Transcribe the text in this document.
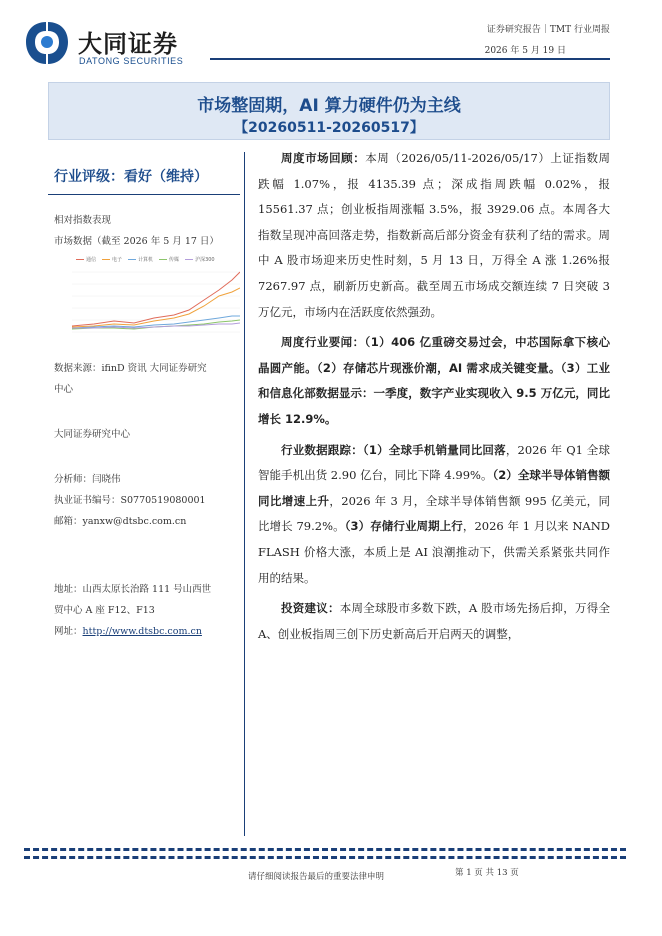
大同证券
DATONG SECURITIES
证券研究报告｜TMT 行业周报
2026 年 5 月 19 日
市场整固期，AI 算力硬件仍为主线
【20260511-20260517】
行业评级：看好（维持）
相对指数表现
市场数据（截至 2026 年 5 月 17 日）
通信	电子	计算机	传媒	沪深300
数据来源：ifinD 资讯 大同证券研究
中心
大同证券研究中心
分析师：闫晓伟
执业证书编号：S0770519080001
邮箱：yanxw@dtsbc.com.cn
地址：山西太原长治路 111 号山西世
贸中心 A 座 F12、F13
网址：http://www.dtsbc.com.cn

周度市场回顾：本周（2026/05/11-2026/05/17）上证指数周跌幅 1.07%，报 4135.39 点；深成指周跌幅 0.02%，报 15561.37 点；创业板指周涨幅 3.5%，报 3929.06 点。本周各大指数呈现冲高回落走势，指数新高后部分资金有获利了结的需求。周中 A 股市场迎来历史性时刻，5 月 13 日，万得全 A 涨 1.26%报 7267.97 点，刷新历史新高。截至周五市场成交额连续 7 日突破 3 万亿元，市场内在活跃度依然强劲。

周度行业要闻：（1）406 亿重磅交易过会，中芯国际拿下核心晶圆产能。（2）存储芯片现涨价潮，AI 需求成关键变量。（3）工业和信息化部数据显示：一季度，数字产业实现收入 9.5 万亿元，同比增长 12.9%。

行业数据跟踪：（1）全球手机销量同比回落，2026 年 Q1 全球智能手机出货 2.90 亿台，同比下降 4.99%。（2）全球半导体销售额同比增速上升，2026 年 3 月，全球半导体销售额 995 亿美元，同比增长 79.2%。（3）存储行业周期上行，2026 年 1 月以来 NAND FLASH 价格大涨，本质上是 AI 浪潮推动下，供需关系紧张共同作用的结果。

投资建议：本周全球股市多数下跌，A 股市场先扬后抑，万得全 A、创业板指周三创下历史新高后开启两天的调整，

请仔细阅读报告最后的重要法律申明	第 1 页 共 13 页
